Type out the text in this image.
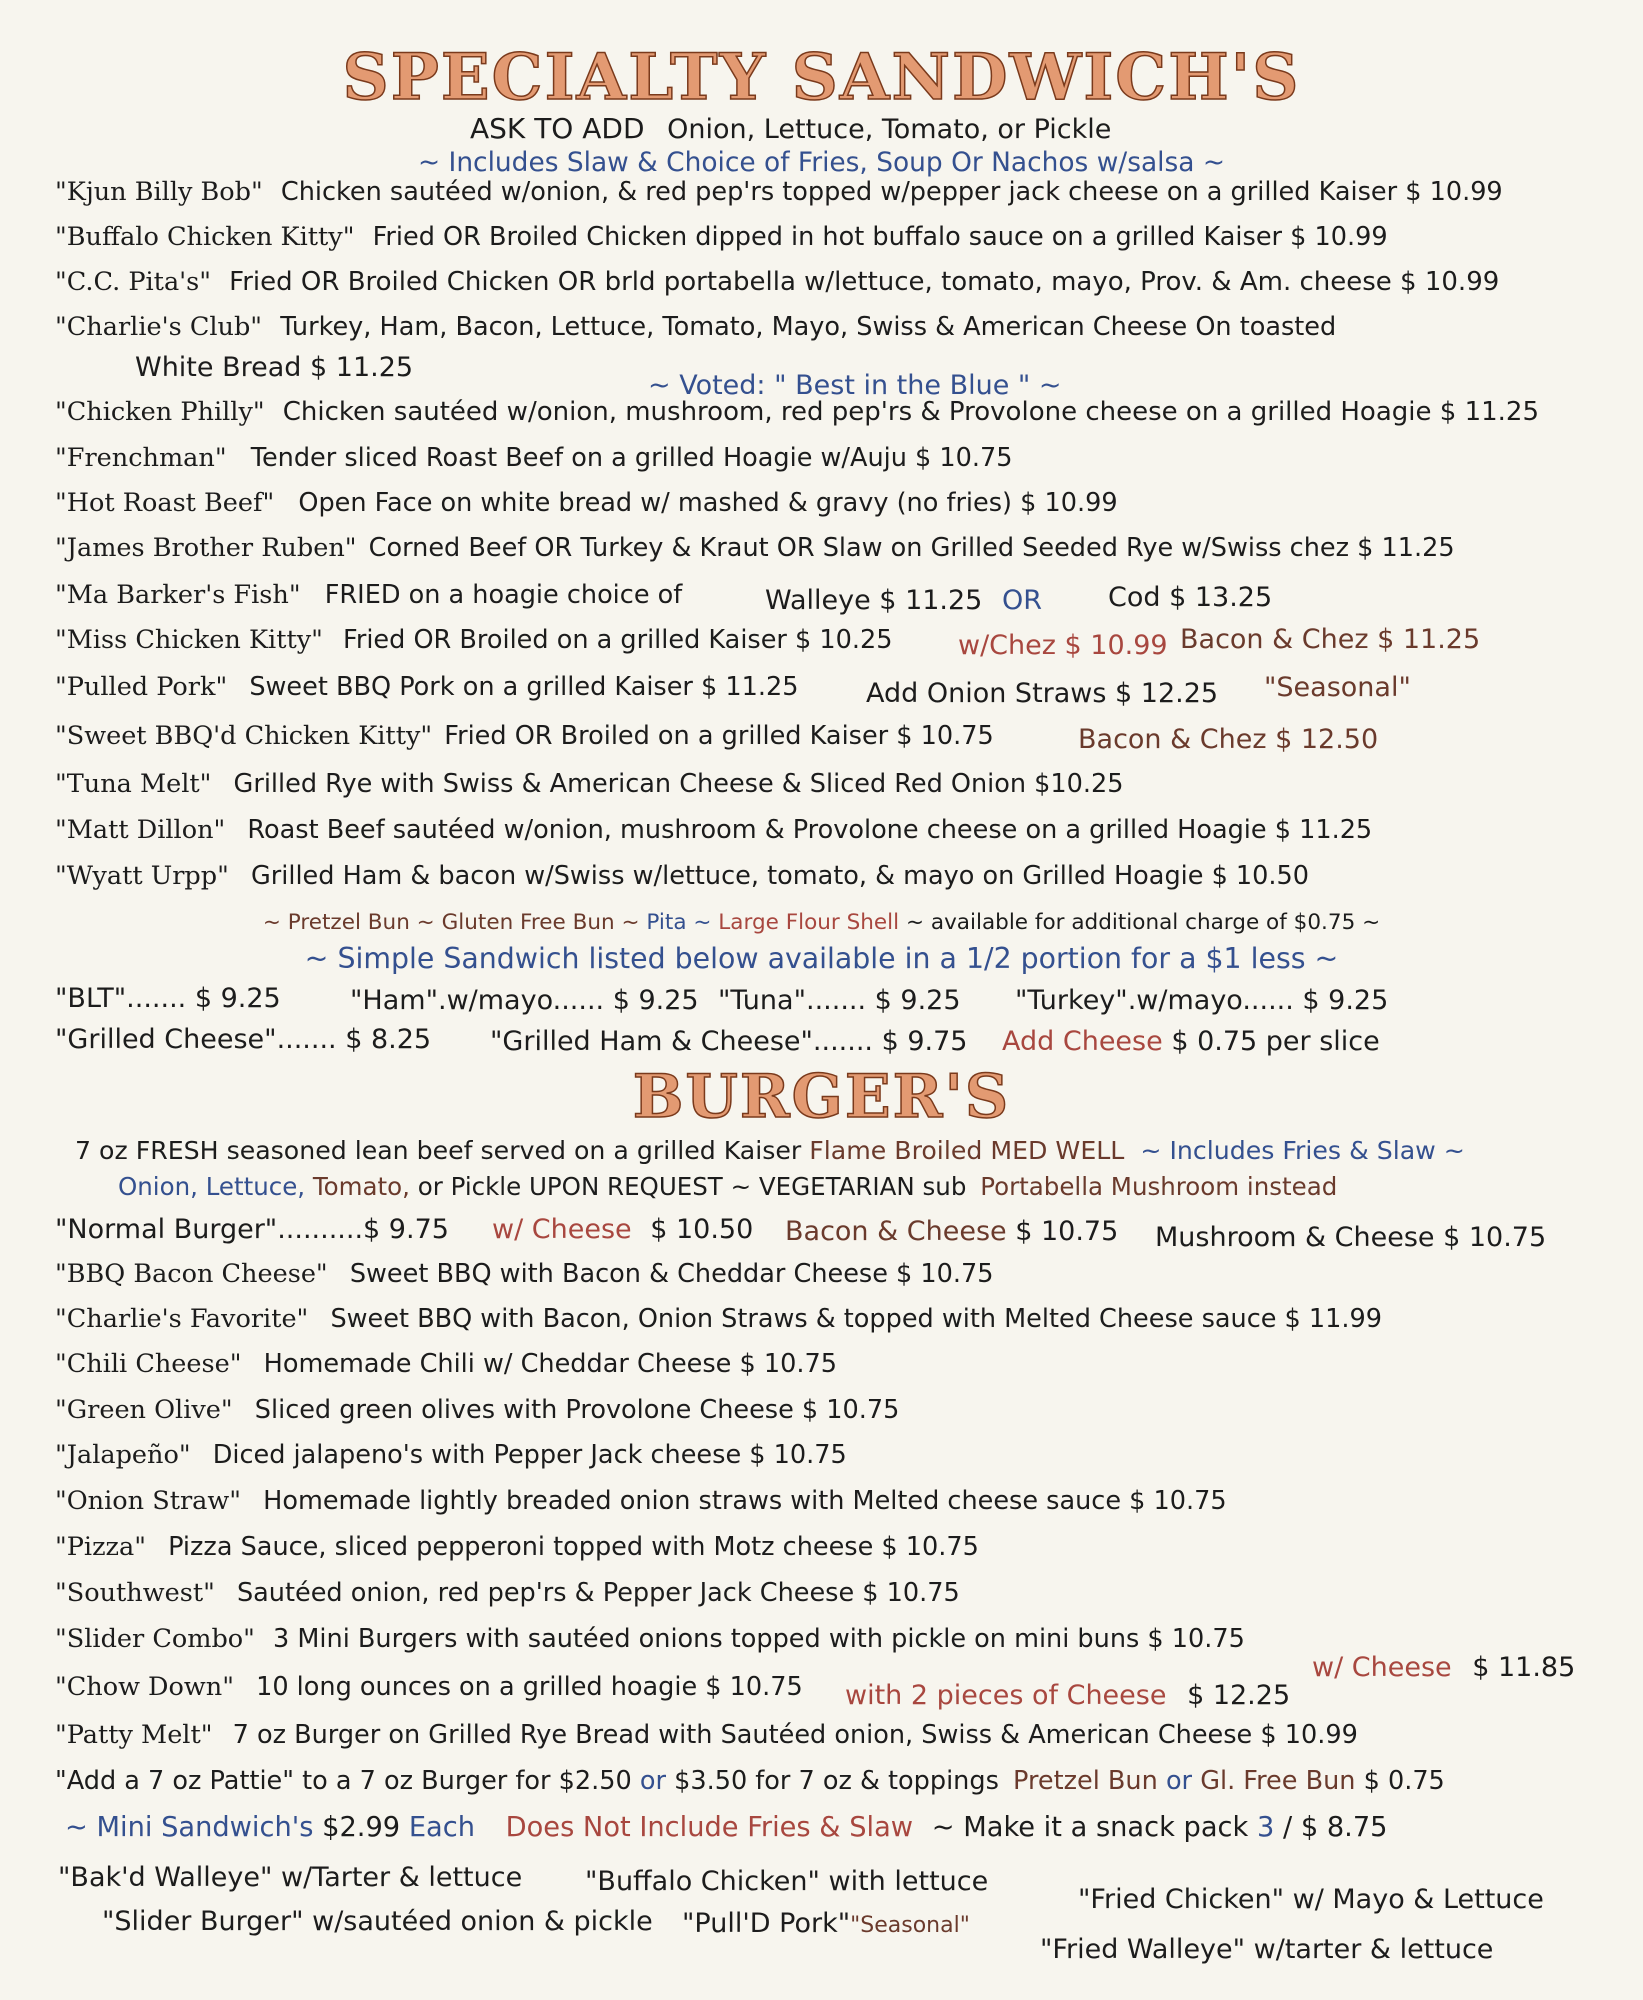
SPECIALTY SANDWICH'S
ASK TO ADD Onion, Lettuce, Tomato, or Pickle
~ Includes Slaw & Choice of Fries, Soup Or Nachos w/salsa ~
"Kjun Billy Bob" Chicken sautéed w/onion, & red pep'rs topped w/pepper jack cheese on a grilled Kaiser $ 10.99
"Buffalo Chicken Kitty" Fried OR Broiled Chicken dipped in hot buffalo sauce on a grilled Kaiser $ 10.99
"C.C. Pita's" Fried OR Broiled Chicken OR brld portabella w/lettuce, tomato, mayo, Prov. & Am. cheese $ 10.99
"Charlie's Club" Turkey, Ham, Bacon, Lettuce, Tomato, Mayo, Swiss & American Cheese On toasted
White Bread $ 11.25
~ Voted: " Best in the Blue " ~
"Chicken Philly" Chicken sautéed w/onion, mushroom, red pep'rs & Provolone cheese on a grilled Hoagie $ 11.25
"Frenchman" Tender sliced Roast Beef on a grilled Hoagie w/Auju $ 10.75
"Hot Roast Beef" Open Face on white bread w/ mashed & gravy (no fries) $ 10.99
"James Brother Ruben" Corned Beef OR Turkey & Kraut OR Slaw on Grilled Seeded Rye w/Swiss chez $ 11.25
"Ma Barker's Fish" FRIED on a hoagie choice of	Walleye $ 11.25 OR Cod $ 13.25
"Miss Chicken Kitty" Fried OR Broiled on a grilled Kaiser $ 10.25	w/Chez $ 10.99 Bacon & Chez $ 11.25
"Pulled Pork" Sweet BBQ Pork on a grilled Kaiser $ 11.25	Add Onion Straws $ 12.25 "Seasonal"
"Sweet BBQ'd Chicken Kitty" Fried OR Broiled on a grilled Kaiser $ 10.75	Bacon & Chez $ 12.50
"Tuna Melt" Grilled Rye with Swiss & American Cheese & Sliced Red Onion $10.25
"Matt Dillon" Roast Beef sautéed w/onion, mushroom & Provolone cheese on a grilled Hoagie $ 11.25
"Wyatt Urpp" Grilled Ham & bacon w/Swiss w/lettuce, tomato, & mayo on Grilled Hoagie $ 10.50
~ Pretzel Bun ~ Gluten Free Bun ~ Pita ~ Large Flour Shell ~ available for additional charge of $0.75 ~
~ Simple Sandwich listed below available in a 1/2 portion for a $1 less ~
"BLT"....... $ 9.25	"Ham".w/mayo...... $ 9.25 "Tuna"....... $ 9.25 "Turkey".w/mayo...... $ 9.25
"Grilled Cheese"....... $ 8.25 "Grilled Ham & Cheese"....... $ 9.75 Add Cheese $ 0.75 per slice
BURGER'S
7 oz FRESH seasoned lean beef served on a grilled Kaiser Flame Broiled MED WELL ~ Includes Fries & Slaw ~
Onion, Lettuce, Tomato, or Pickle UPON REQUEST ~ VEGETARIAN sub Portabella Mushroom instead
"Normal Burger"..........$ 9.75 w/ Cheese $ 10.50 Bacon & Cheese $ 10.75 Mushroom & Cheese $ 10.75
"BBQ Bacon Cheese" Sweet BBQ with Bacon & Cheddar Cheese $ 10.75
"Charlie's Favorite" Sweet BBQ with Bacon, Onion Straws & topped with Melted Cheese sauce $ 11.99
"Chili Cheese" Homemade Chili w/ Cheddar Cheese $ 10.75
"Green Olive" Sliced green olives with Provolone Cheese $ 10.75
"Jalapeño" Diced jalapeno's with Pepper Jack cheese $ 10.75
"Onion Straw" Homemade lightly breaded onion straws with Melted cheese sauce $ 10.75
"Pizza" Pizza Sauce, sliced pepperoni topped with Motz cheese $ 10.75
"Southwest" Sautéed onion, red pep'rs & Pepper Jack Cheese $ 10.75
"Slider Combo" 3 Mini Burgers with sautéed onions topped with pickle on mini buns $ 10.75
w/ Cheese $ 11.85
"Chow Down" 10 long ounces on a grilled hoagie $ 10.75	with 2 pieces of Cheese $ 12.25
"Patty Melt" 7 oz Burger on Grilled Rye Bread with Sautéed onion, Swiss & American Cheese $ 10.99
"Add a 7 oz Pattie" to a 7 oz Burger for $2.50 or $3.50 for 7 oz & toppings Pretzel Bun or Gl. Free Bun $ 0.75
~ Mini Sandwich's $2.99 Each Does Not Include Fries & Slaw ~ Make it a snack pack 3 / $ 8.75
"Bak'd Walleye" w/Tarter & lettuce "Buffalo Chicken" with lettuce
"Fried Chicken" w/ Mayo & Lettuce
"Slider Burger" w/sautéed onion & pickle "Pull'D Pork""Seasonal"
"Fried Walleye" w/tarter & lettuce
